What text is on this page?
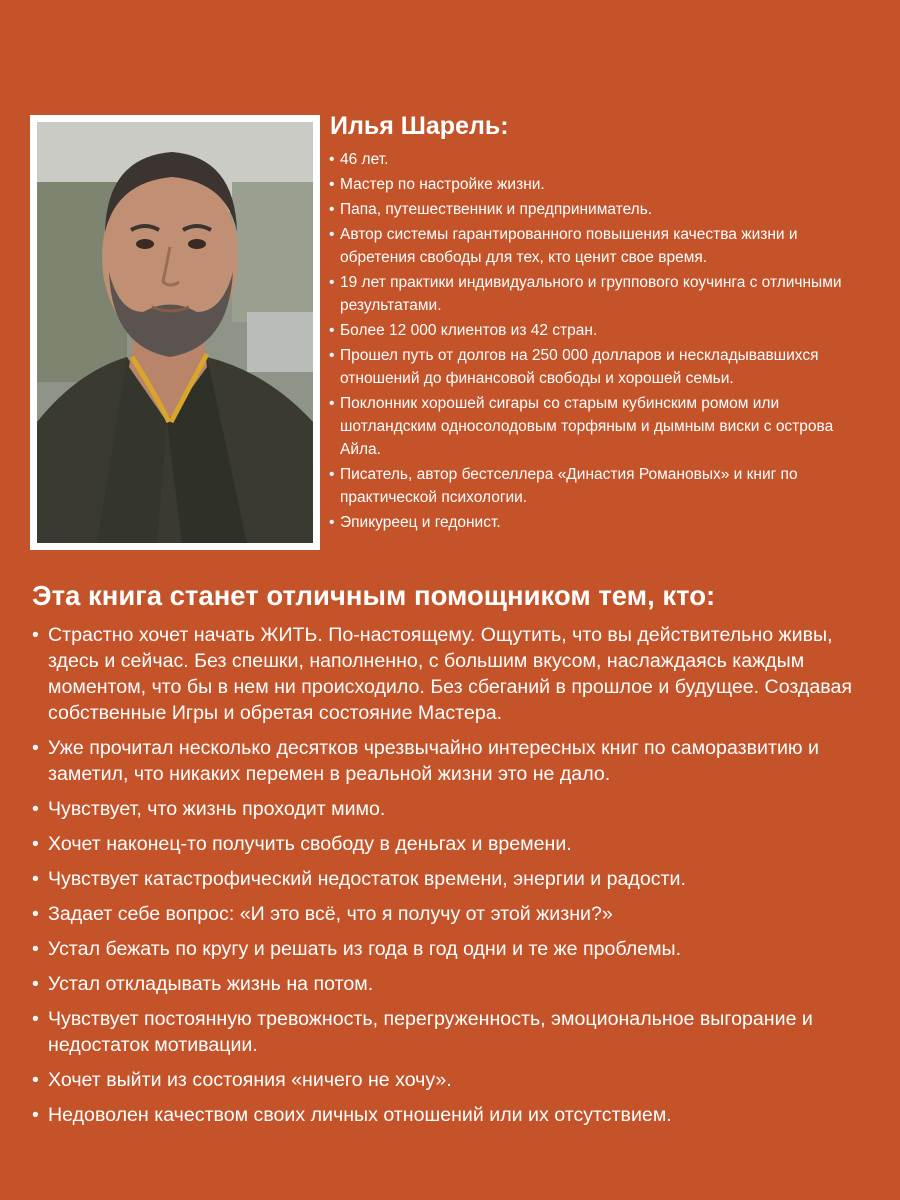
Илья Шарель:
• 46 лет.
• Мастер по настройке жизни.
• Папа, путешественник и предприниматель.
• Автор системы гарантированного повышения качества жизни и обретения свободы для тех, кто ценит свое время.
• 19 лет практики индивидуального и группового коучинга с отличными результатами.
• Более 12 000 клиентов из 42 стран.
• Прошел путь от долгов на 250 000 долларов и нескладывавшихся отношений до финансовой свободы и хорошей семьи.
• Поклонник хорошей сигары со старым кубинским ромом или шотландским односолодовым торфяным и дымным виски с острова Айла.
• Писатель, автор бестселлера «Династия Романовых» и книг по практической психологии.
• Эпикуреец и гедонист.
Эта книга станет отличным помощником тем, кто:
• Страстно хочет начать ЖИТЬ. По-настоящему. Ощутить, что вы действительно живы, здесь и сейчас. Без спешки, наполненно, с большим вкусом, наслаждаясь каждым моментом, что бы в нем ни происходило. Без сбеганий в прошлое и будущее. Создавая собственные Игры и обретая состояние Мастера.
• Уже прочитал несколько десятков чрезвычайно интересных книг по саморазвитию и заметил, что никаких перемен в реальной жизни это не дало.
• Чувствует, что жизнь проходит мимо.
• Хочет наконец-то получить свободу в деньгах и времени.
• Чувствует катастрофический недостаток времени, энергии и радости.
• Задает себе вопрос: «И это всё, что я получу от этой жизни?»
• Устал бежать по кругу и решать из года в год одни и те же проблемы.
• Устал откладывать жизнь на потом.
• Чувствует постоянную тревожность, перегруженность, эмоциональное выгорание и недостаток мотивации.
• Хочет выйти из состояния «ничего не хочу».
• Недоволен качеством своих личных отношений или их отсутствием.
